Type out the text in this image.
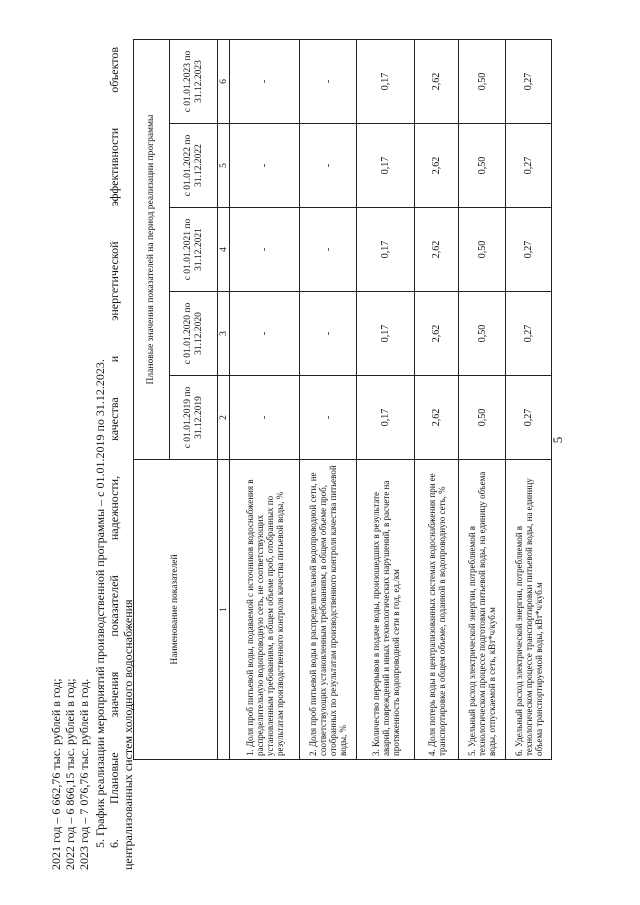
5
2021 год – 6 662,76 тыс. рублей в год; 2022 год – 6 866,15 тыс. рублей в год; 2023 год – 7 076,76 тыс. рублей в год. 5. График реализации мероприятий производственной программы – с 01.01.2019 по 31.12.2023. 6. Плановые значения показателей надежности, качества и энергетической эффективности объектов централизованных систем холодного водоснабжения	Наименование показателей	Плановые значения показателей на период реализации программы				
	с 01.01.2019 по 31.12.2019	с 01.01.2020 по 31.12.2020	с 01.01.2021 по 31.12.2021	с 01.01.2022 по 31.12.2022	с 01.01.2023 по 31.12.2023
1	2	3	4	5	6
1. Доля проб питьевой воды, подаваемой с источников водоснабжения в распределительную водопроводную сеть, не соответствующих установленным требованиям, в общем объеме проб, отобранных по результатам производственного контроля качества питьевой воды, %	-	-	-	-	-
2. Доля проб питьевой воды в распределительной водопроводной сети, не соответствующих установленным требованиям, в общем объеме проб, отобранных по результатам производственного контроля качества питьевой воды, %	-	-	-	-	-
3. Количество перерывов в подаче воды, произошедших в результате аварий, повреждений и иных технологических нарушений, в расчете на протяженность водопроводной сети в год, ед./км	0,17	0,17	0,17	0,17	0,17
4. Доля потерь воды в централизованных системах водоснабжения при ее транспортировке в общем объеме, поданной в водопроводную сеть, %	2,62	2,62	2,62	2,62	2,62
5. Удельный расход электрической энергии, потребляемой в технологическом процессе подготовки питьевой воды, на единицу объема воды, отпускаемой в сеть, кВт*ч/куб.м	0,50	0,50	0,50	0,50	0,50
6. Удельный расход электрической энергии, потребляемой в технологическом процессе транспортировки питьевой воды, на единицу объема транспортируемой воды, кВт*ч/куб.м	0,27	0,27	0,27	0,27	0,27
